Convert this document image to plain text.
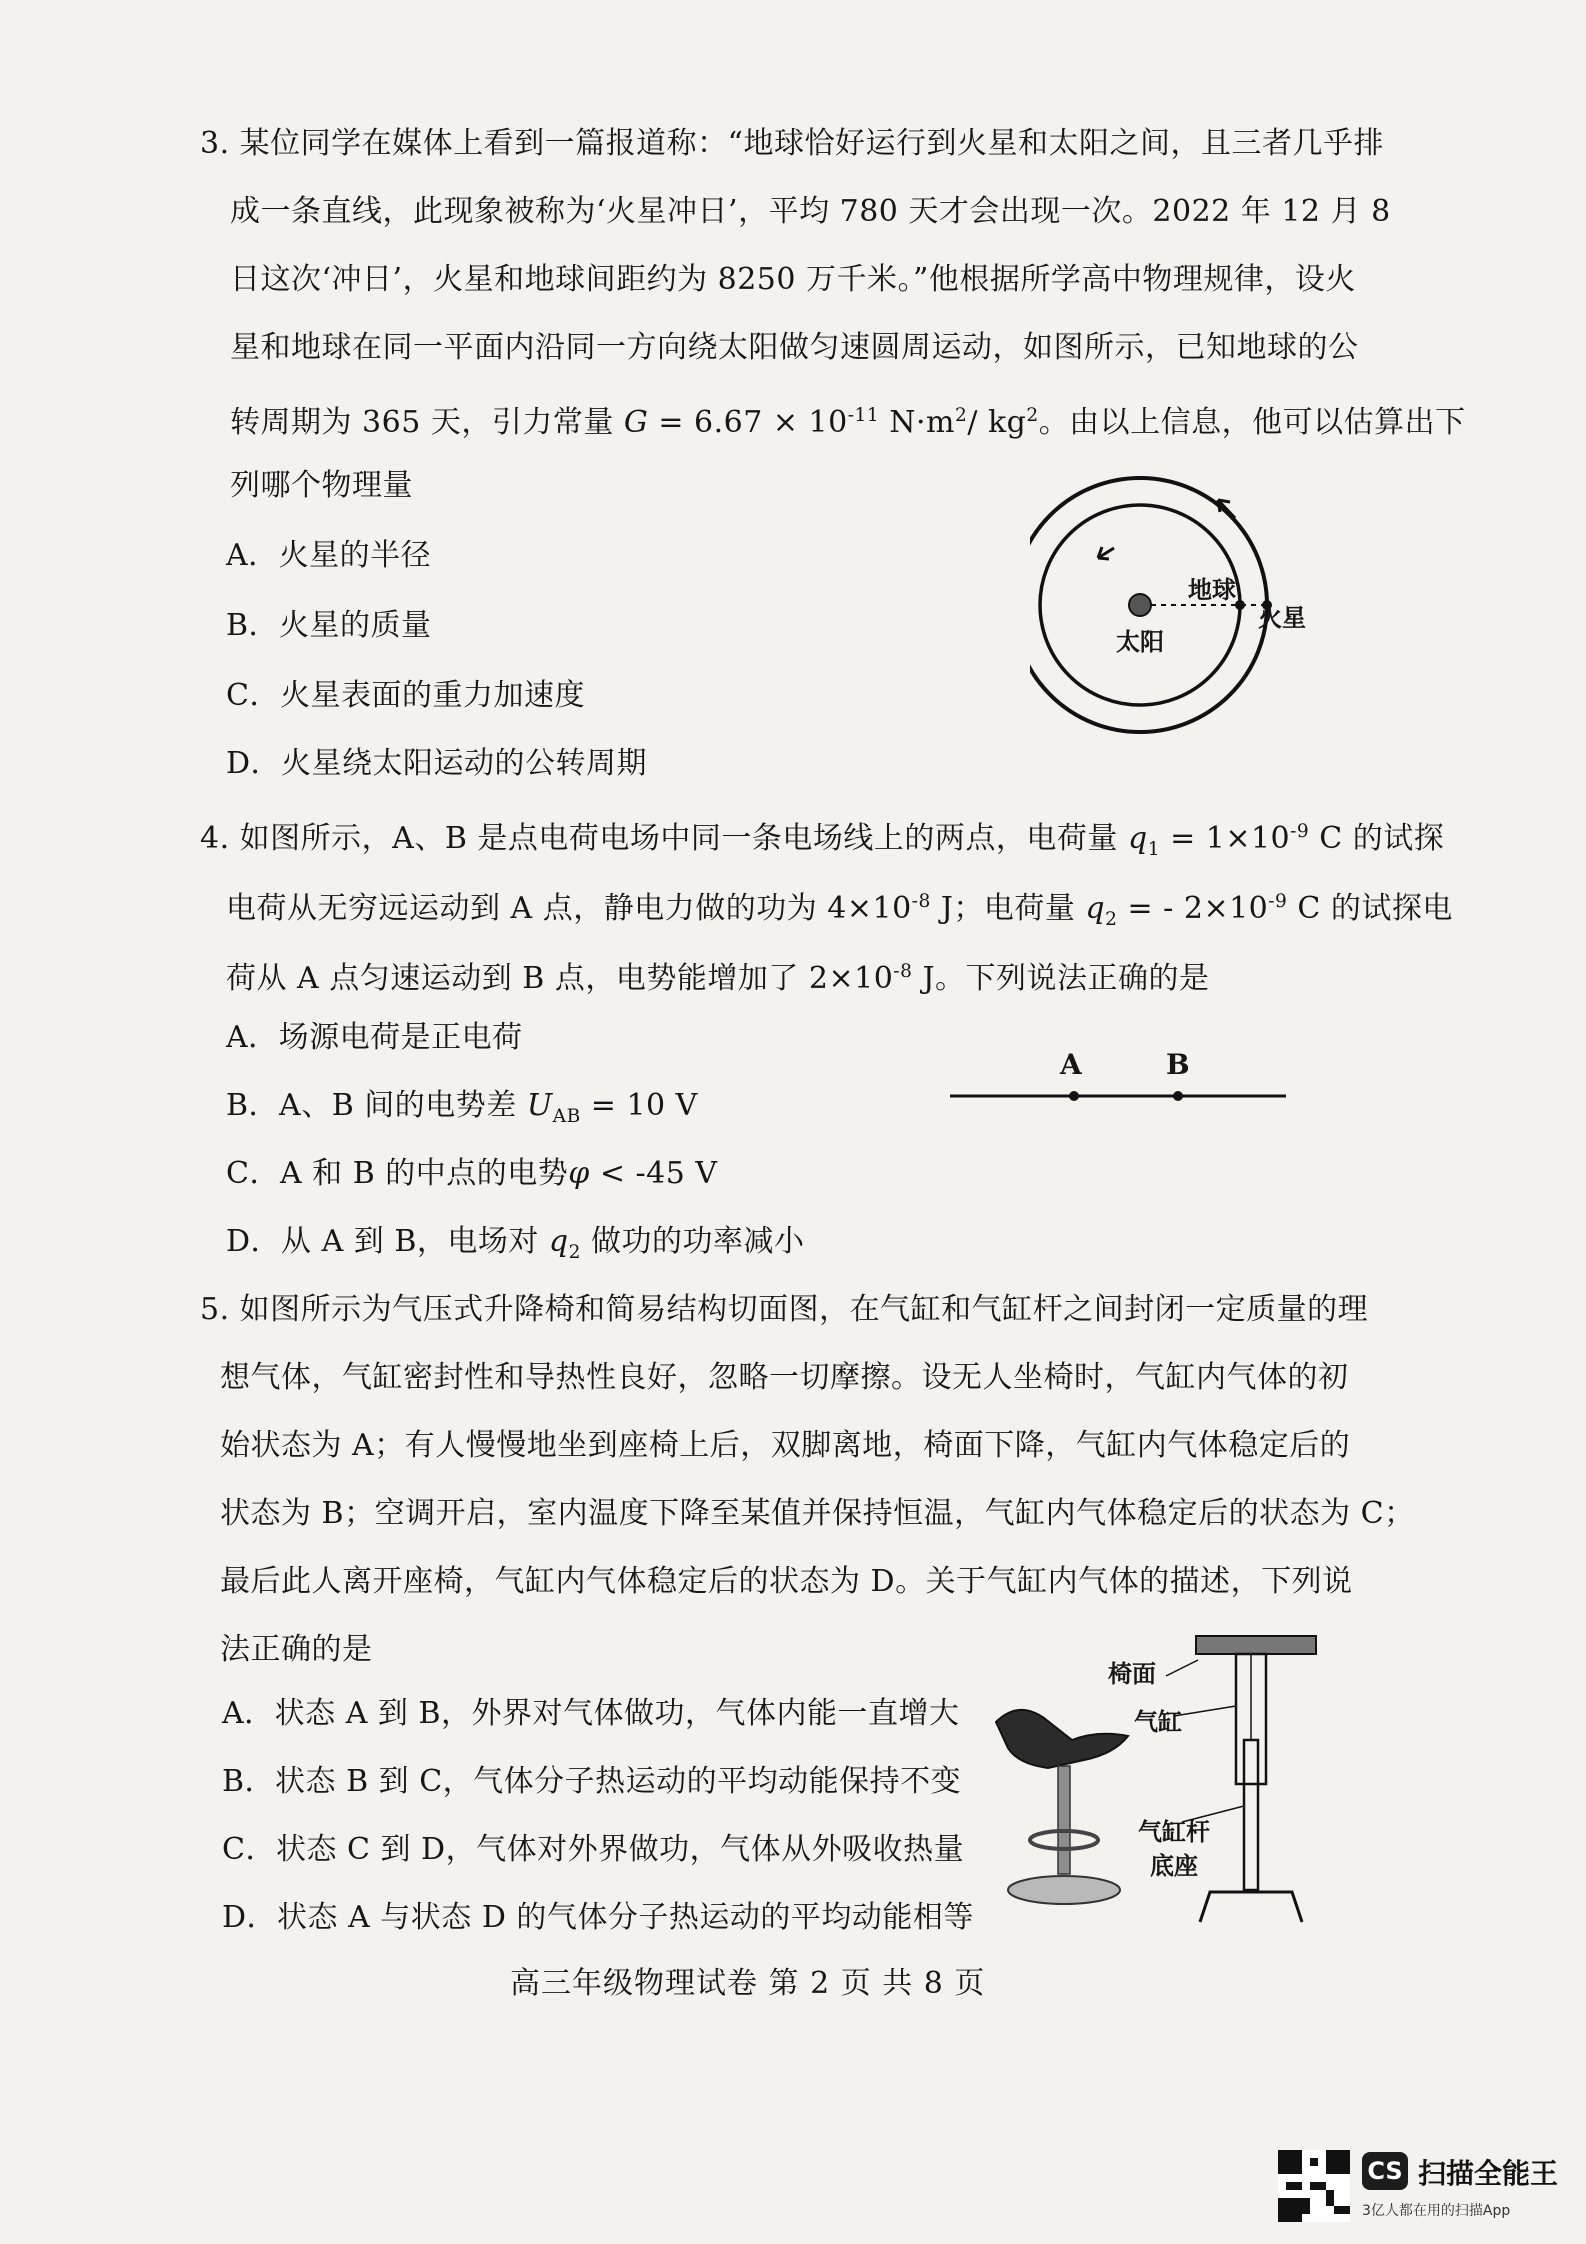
3. 某位同学在媒体上看到一篇报道称：“地球恰好运行到火星和太阳之间，且三者几乎排
成一条直线，此现象被称为‘火星冲日’，平均 780 天才会出现一次。2022 年 12 月 8
日这次‘冲日’，火星和地球间距约为 8250 万千米。”他根据所学高中物理规律，设火
星和地球在同一平面内沿同一方向绕太阳做匀速圆周运动，如图所示，已知地球的公
转周期为 365 天，引力常量 $G = 6.67 \times 10^{-11}$ $N\cdot m^2/$ $kg^2$。由以上信息，他可以估算出下
列哪个物理量
A．火星的半径
B．火星的质量
C．火星表面的重力加速度
D．火星绕太阳运动的公转周期
地球
火星
太阳
4. 如图所示，A、B 是点电荷电场中同一条电场线上的两点，电荷量 $q_1 = 1\times 10^{-9}$ C 的试探
电荷从无穷远运动到 A 点，静电力做的功为 $4\times 10^{-8}$ J；电荷量 $q_2$ = - $2\times 10^{-9}$ C 的试探电
荷从 A 点匀速运动到 B 点，电势能增加了 $2\times 10^{-8}$ J。下列说法正确的是
A．场源电荷是正电荷
B．A、B 间的电势差 $U_{AB} = 10$ V
C．A 和 B 的中点的电势φ < -45 V
D．从 A 到 B，电场对 $q_2$ 做功的功率减小
A	B
5. 如图所示为气压式升降椅和简易结构切面图，在气缸和气缸杆之间封闭一定质量的理
想气体，气缸密封性和导热性良好，忽略一切摩擦。设无人坐椅时，气缸内气体的初
始状态为 A；有人慢慢地坐到座椅上后，双脚离地，椅面下降，气缸内气体稳定后的
状态为 B；空调开启，室内温度下降至某值并保持恒温，气缸内气体稳定后的状态为 C；
最后此人离开座椅，气缸内气体稳定后的状态为 D。关于气缸内气体的描述，下列说
法正确的是
A．状态 A 到 B，外界对气体做功，气体内能一直增大
B．状态 B 到 C，气体分子热运动的平均动能保持不变
C．状态 C 到 D，气体对外界做功，气体从外吸收热量
D．状态 A 与状态 D 的气体分子热运动的平均动能相等
椅面
气缸
气缸杆
底座
高三年级物理试卷 第 2 页 共 8 页
CS 扫描全能王
3亿人都在用的扫描App
